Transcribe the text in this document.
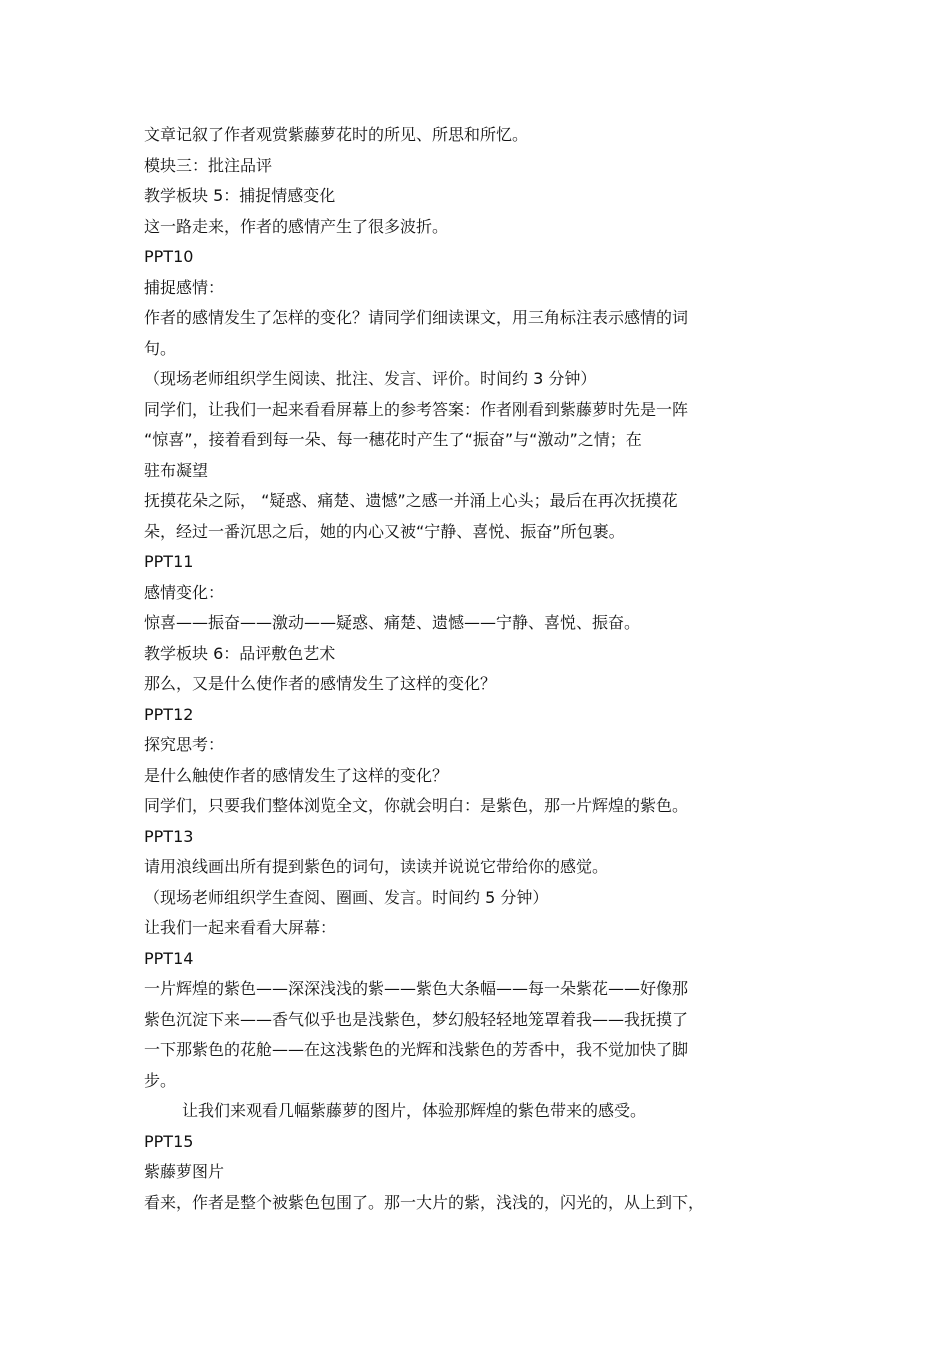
文章记叙了作者观赏紫藤萝花时的所见、所思和所忆。
模块三：批注品评
教学板块 5：捕捉情感变化
这一路走来，作者的感情产生了很多波折。
PPT10
捕捉感情：
作者的感情发生了怎样的变化？请同学们细读课文，用三角标注表示感情的词
句。
（现场老师组织学生阅读、批注、发言、评价。时间约 3 分钟）
同学们，让我们一起来看看屏幕上的参考答案：作者刚看到紫藤萝时先是一阵
“惊喜”，接着看到每一朵、每一穗花时产生了“振奋”与“激动”之情；在
驻布凝望
抚摸花朵之际， “疑惑、痛楚、遗憾”之感一并涌上心头；最后在再次抚摸花
朵，经过一番沉思之后，她的内心又被“宁静、喜悦、振奋”所包裹。
PPT11
感情变化：
惊喜——振奋——激动——疑惑、痛楚、遗憾——宁静、喜悦、振奋。
教学板块 6：品评敷色艺术
那么，又是什么使作者的感情发生了这样的变化？
PPT12
探究思考：
是什么触使作者的感情发生了这样的变化？
同学们，只要我们整体浏览全文，你就会明白：是紫色，那一片辉煌的紫色。
PPT13
请用浪线画出所有提到紫色的词句，读读并说说它带给你的感觉。
（现场老师组织学生查阅、圈画、发言。时间约 5 分钟）
让我们一起来看看大屏幕：
PPT14
一片辉煌的紫色——深深浅浅的紫——紫色大条幅——每一朵紫花——好像那
紫色沉淀下来——香气似乎也是浅紫色，梦幻般轻轻地笼罩着我——我抚摸了
一下那紫色的花舱——在这浅紫色的光辉和浅紫色的芳香中，我不觉加快了脚
步。
让我们来观看几幅紫藤萝的图片，体验那辉煌的紫色带来的感受。
PPT15
紫藤萝图片
看来，作者是整个被紫色包围了。那一大片的紫，浅浅的，闪光的，从上到下，
